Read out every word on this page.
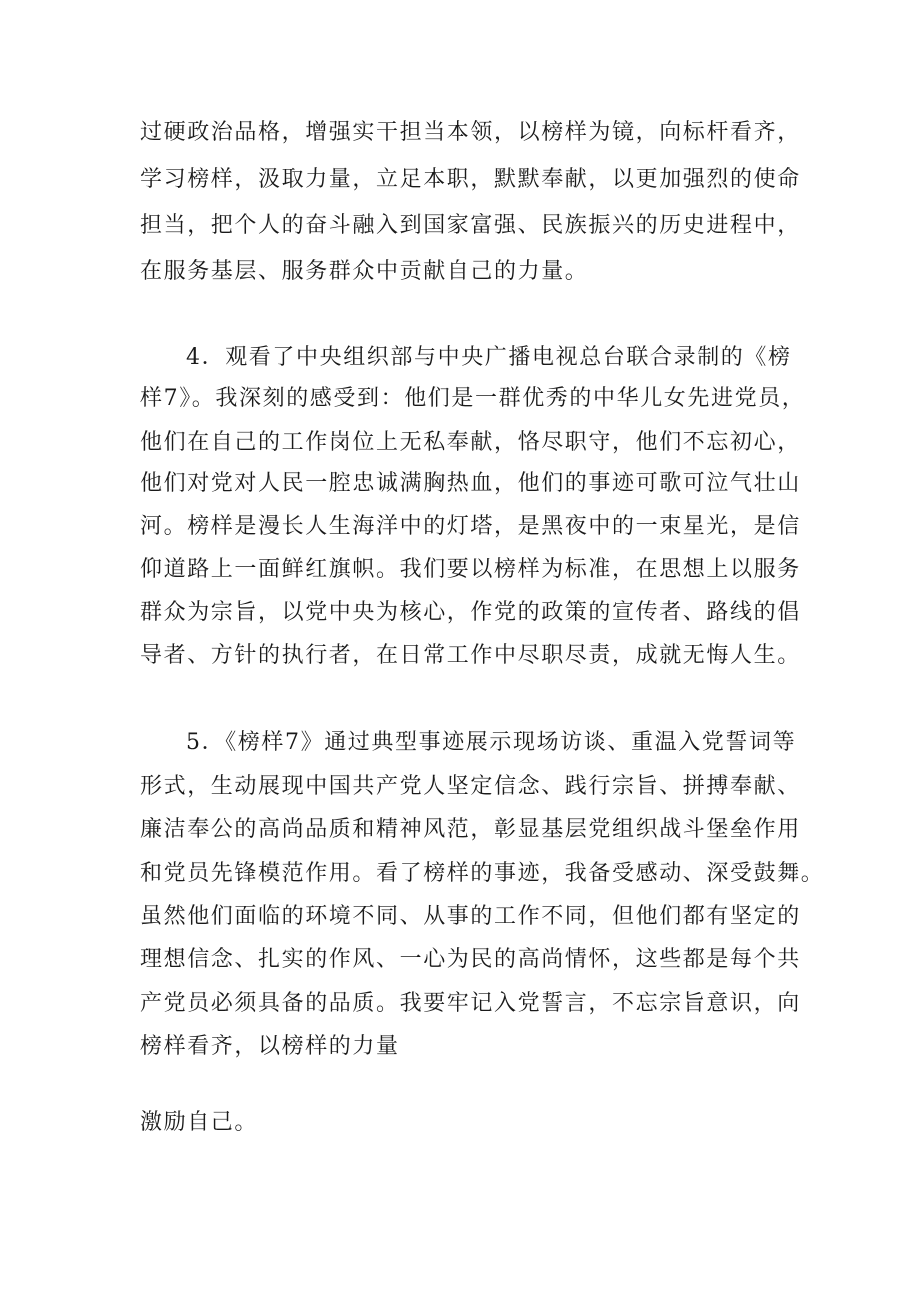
过硬政治品格，增强实干担当本领，以榜样为镜，向标杆看齐，
学习榜样，汲取力量，立足本职，默默奉献，以更加强烈的使命
担当，把个人的奋斗融入到国家富强、民族振兴的历史进程中，
在服务基层、服务群众中贡献自己的力量。
4．观看了中央组织部与中央广播电视总台联合录制的《榜
样7》。我深刻的感受到：他们是一群优秀的中华儿女先进党员，
他们在自己的工作岗位上无私奉献，恪尽职守，他们不忘初心，
他们对党对人民一腔忠诚满胸热血，他们的事迹可歌可泣气壮山
河。榜样是漫长人生海洋中的灯塔，是黑夜中的一束星光，是信
仰道路上一面鲜红旗帜。我们要以榜样为标准，在思想上以服务
群众为宗旨，以党中央为核心，作党的政策的宣传者、路线的倡
导者、方针的执行者，在日常工作中尽职尽责，成就无悔人生。
5．《榜样7》通过典型事迹展示现场访谈、重温入党誓词等
形式，生动展现中国共产党人坚定信念、践行宗旨、拼搏奉献、
廉洁奉公的高尚品质和精神风范，彰显基层党组织战斗堡垒作用
和党员先锋模范作用。看了榜样的事迹，我备受感动、深受鼓舞。
虽然他们面临的环境不同、从事的工作不同，但他们都有坚定的
理想信念、扎实的作风、一心为民的高尚情怀，这些都是每个共
产党员必须具备的品质。我要牢记入党誓言，不忘宗旨意识，向
榜样看齐，以榜样的力量
激励自己。
